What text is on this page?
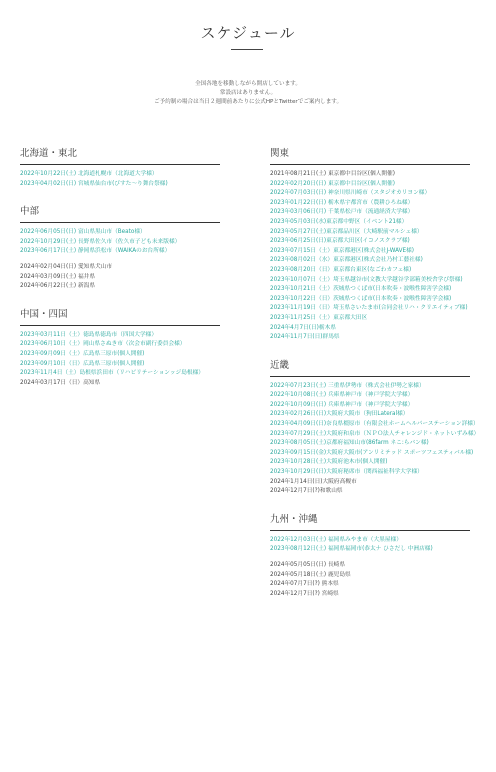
スケジュール
全国各地を移動しながら開店しています。
常設店はありません。
ご予約制の場合は当日２週間前あたりに公式HPとTwitterでご案内します。
北海道・東北
2022年10月22日(土) 北海道札幌市（北海道大学様）
2023年04月02日(日) 宮城県仙台市(びすた〜り舞台祭様)
中部
2022年06月05日(日) 富山県黒山市（Beato様）
2022年10月29日(土) 長野県佐久市（佐久市子ども未来版様）
2023年06月17日(土) 静岡県浜松市（WAIKAのお台所様）
2024年02月04日(日) 愛知県犬山市
2024年03月09日(土) 福井県
2024年06月22日(土) 新潟県
中国・四国
2023年03月11日（土）徳島県徳島市（四国大学様）
2023年06月10日（土）岡山県さぬき市（次会市副行委員会様）
2023年09月09日（土）広島県三原市(個人開催)
2023年09月10日（日）広島県三原市(個人開催)
2023年11月4日（土）島根県浜田市（リハビリテーションッジ島根様）
2024年03月17日（日）高知県
関東
2021年08月21日(土) 東京都中目谷区(個人開催)
2022年02月20日(日) 東京都中目谷区(個人開催)
2022年07月03日(日) 神奈川県川崎市（スタジオカリヨン様）
2023年01月22日(日) 栃木県宇都宮市（農耕ひろね様）
2023年03月06日(月) 千葉県松戸市（流通経済大学様）
2023年05月03日(水)東京都中野区（イベント21様）
2023年05月27日(土)東京都品川区（大崎駅前マルシェ様）
2023年06月25日(日)東京都大田区(イコノスクラブ様)
2023年07月15日（土）東京都港区(株式会社J-WAVE様)
2023年08月02日（水）東京都港区(株式会社乃村工藝社様)
2023年08月20日（日）東京都台東区(なごわカフェ様)
2023年10月07日（土）埼玉県越谷市(文教大学越谷学部箱美校舎学び祭様)
2023年10月21日（土）茨城県つくば市(日本吹奏・波喉性障害学会様)
2023年10月22日（日）茨城県つくば市(日本吹奏・波喉性障害学会様)
2023年11月19日（日）埼玉県さいたま市(合同会社リハ・クリエイティブ様)
2023年11月25日（土）東京都大田区
2024年4月7日(日)栃木県
2024年11月7日(日)群馬県
近畿
2022年07月23日(土) 三重県伊勢市（株式会社伊勢之家様）
2022年10月08日(土) 兵庫県神戸市（神戸学院大学様）
2022年10月09日(日) 兵庫県神戸市（神戸学院大学様）
2023年02月26日(日)大阪府大阪市（狗田Lateral様）
2023年04月09日(日)奈良県橿原市（有限会社ホームヘルパーステーション詳様）
2023年07月29日(土)大阪府和泉市（ＮＰＯ法人チャレンジド・ネットいずみ様）
2023年08月05日(土)京都府福知山市(86farm ネこ:らバン様)
2023年09月15日(金)大阪府大阪市(アンリミテッド スポーツフェスティバル様)
2023年10月28日(土)大阪府池木市(個人開催)
2023年10月29日(日)大阪府秘席市（関西福祉科学大学様）
2024年1月14日(日)大阪府高槻市
2024年12月7日(?)和歌山県
九州・沖縄
2022年12月03日(土) 福岡県みやま市（大黒屋様）
2023年08月12日(土) 福岡県福岡市(恭太ナ ひさだし 中洲店様)
2024年05月05日(日) 長崎県
2024年05月18日(土) 鹿児島県
2024年07月7日(?) 熊本県
2024年12月7日(?) 宮崎県
